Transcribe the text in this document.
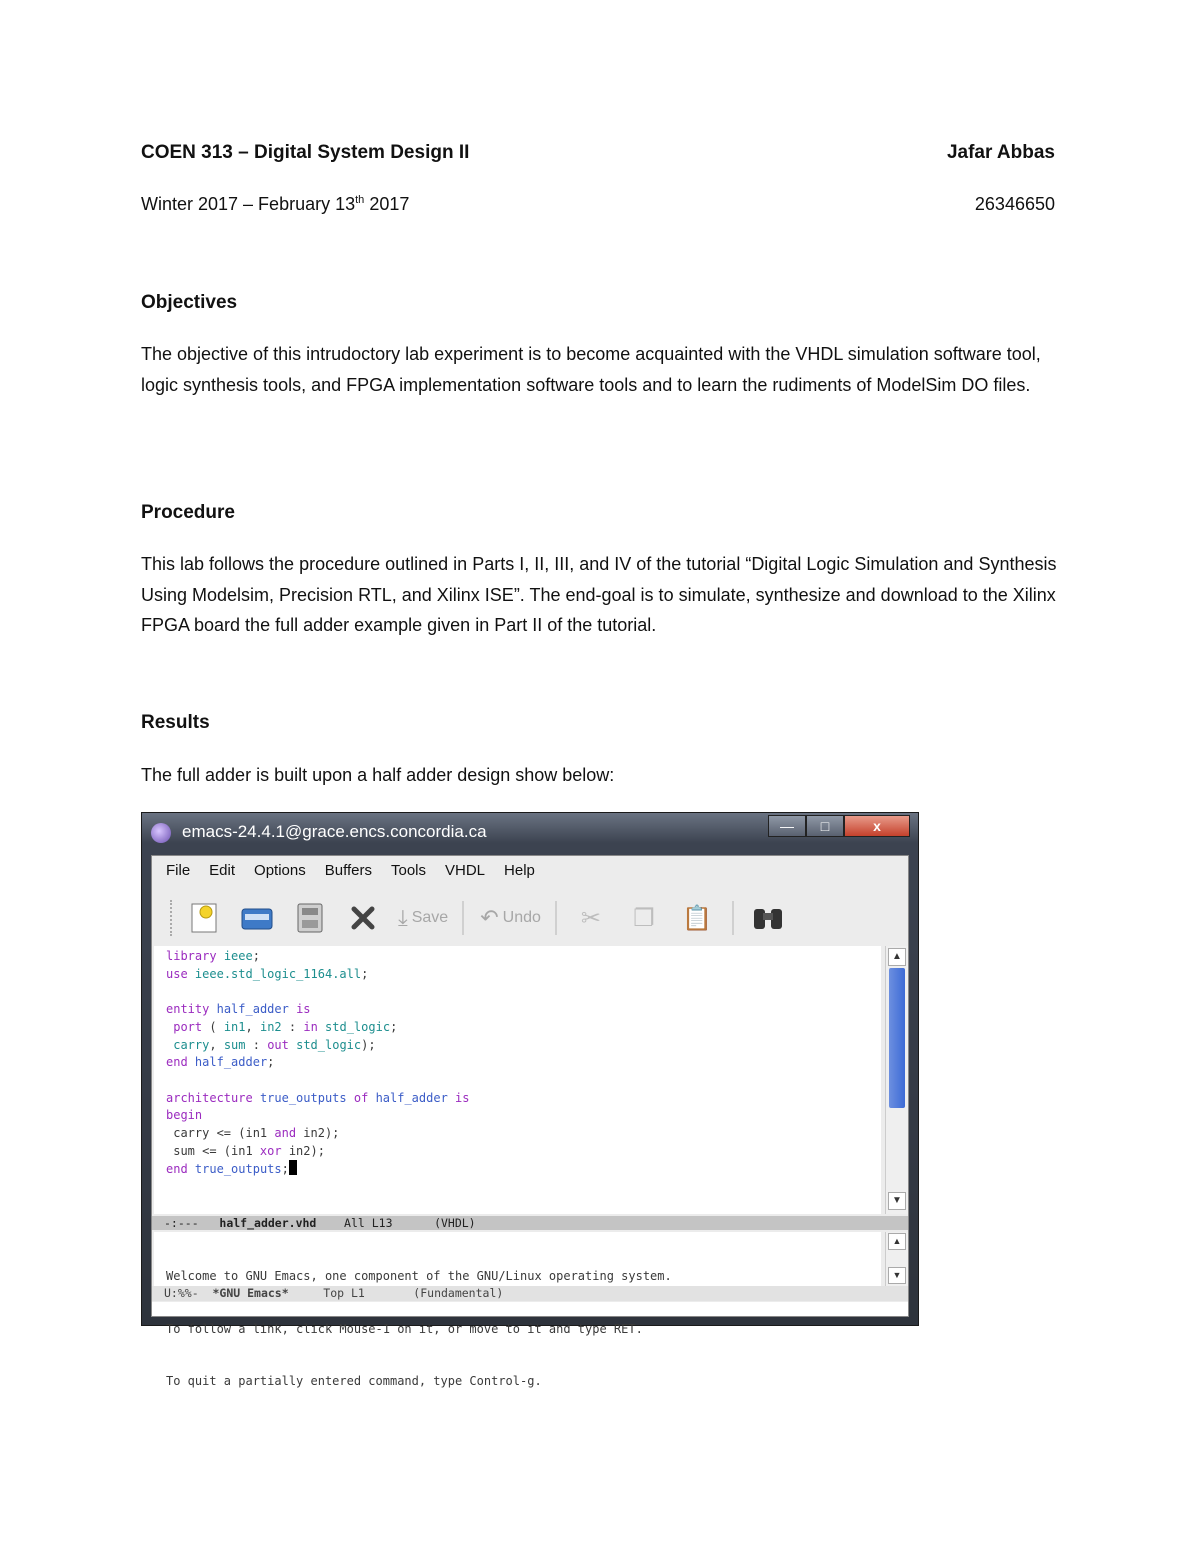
COEN 313 – Digital System Design II	Jafar Abbas
Winter 2017 – February 13th 2017	26346650
Objectives
The objective of this intrudoctory lab experiment is to become acquainted with the VHDL simulation software tool, logic synthesis tools, and FPGA implementation software tools and to learn the rudiments of ModelSim DO files.
Procedure
This lab follows the procedure outlined in Parts I, II, III, and IV of the tutorial “Digital Logic Simulation and Synthesis Using Modelsim, Precision RTL, and Xilinx ISE”. The end-goal is to simulate, synthesize and download to the Xilinx FPGA board the full adder example given in Part II of the tutorial.
Results
The full adder is built upon a half adder design show below:
emacs-24.4.1@grace.encs.concordia.ca	—	□	x
File Edit Options Buffers Tools VHDL Help
⤓ Save ↶ Undo	✂	❐	📋
library ieee;
use ieee.std_logic_1164.all;

entity half_adder is
port ( in1, in2 : in std_logic;
carry, sum : out std_logic);
end half_adder;

architecture true_outputs of half_adder is
begin
carry <= (in1 and in2);
sum <= (in1 xor in2);
end true_outputs;
▲
▼
-:--- half_adder.vhd All L13	(VHDL)

Welcome to GNU Emacs, one component of the GNU/Linux operating system.

To follow a link, click Mouse-1 on it, or move to it and type RET.

To quit a partially entered command, type Control-g.

▲
▼
U:%%- *GNU Emacs*	Top L1	(Fundamental)
